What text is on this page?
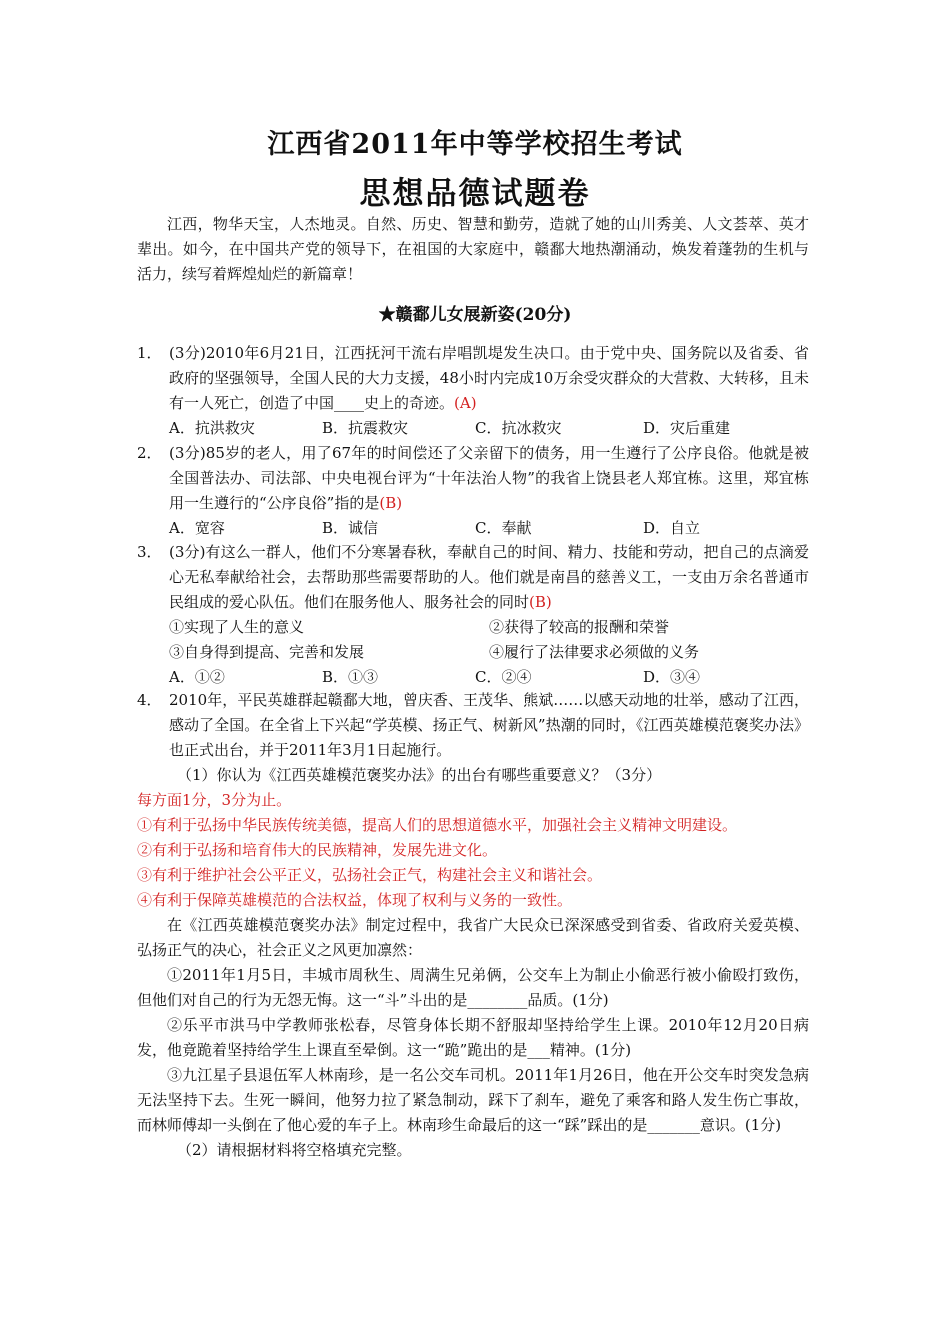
江西省2011年中等学校招生考试
思想品德试题卷
江西，物华天宝，人杰地灵。自然、历史、智慧和勤劳，造就了她的山川秀美、人文荟萃、英才辈出。如今，在中国共产党的领导下，在祖国的大家庭中，赣鄱大地热潮涌动，焕发着蓬勃的生机与活力，续写着辉煌灿烂的新篇章！
★赣鄱儿女展新姿(20分)
1． (3分)2010年6月21日，江西抚河干流右岸唱凯堤发生决口。由于党中央、国务院以及省委、省政府的坚强领导，全国人民的大力支援，48小时内完成10万余受灾群众的大营救、大转移，且未有一人死亡，创造了中国____史上的奇迹。(A)
A．抗洪救灾	B．抗震救灾	C．抗冰救灾	D．灾后重建
2． (3分)85岁的老人，用了67年的时间偿还了父亲留下的债务，用一生遵行了公序良俗。他就是被全国普法办、司法部、中央电视台评为“十年法治人物”的我省上饶县老人郑宜栋。这里，郑宜栋用一生遵行的“公序良俗”指的是(B)
A．宽容	B．诚信	C．奉献	D．自立
3． (3分)有这么一群人，他们不分寒暑春秋，奉献自己的时间、精力、技能和劳动，把自己的点滴爱心无私奉献给社会，去帮助那些需要帮助的人。他们就是南昌的慈善义工，一支由万余名普通市民组成的爱心队伍。他们在服务他人、服务社会的同时(B)
①实现了人生的意义	②获得了较高的报酬和荣誉
③自身得到提高、完善和发展	④履行了法律要求必须做的义务
A．①②	B．①③	C．②④	D．③④
4． 2010年，平民英雄群起赣鄱大地，曾庆香、王茂华、熊斌……以感天动地的壮举，感动了江西，感动了全国。在全省上下兴起“学英模、扬正气、树新风”热潮的同时，《江西英雄模范褒奖办法》也正式出台，并于2011年3月1日起施行。
（1）你认为《江西英雄模范褒奖办法》的出台有哪些重要意义？（3分）
每方面1分，3分为止。
①有利于弘扬中华民族传统美德，提高人们的思想道德水平，加强社会主义精神文明建设。
②有利于弘扬和培育伟大的民族精神，发展先进文化。
③有利于维护社会公平正义，弘扬社会正气，构建社会主义和谐社会。
④有利于保障英雄模范的合法权益，体现了权利与义务的一致性。
在《江西英雄模范褒奖办法》制定过程中，我省广大民众已深深感受到省委、省政府关爱英模、弘扬正气的决心，社会正义之风更加凛然：
①2011年1月5日，丰城市周秋生、周满生兄弟俩，公交车上为制止小偷恶行被小偷殴打致伤，但他们对自己的行为无怨无悔。这一“斗”斗出的是________品质。(1分)
②乐平市洪马中学教师张松春，尽管身体长期不舒服却坚持给学生上课。2010年12月20日病发，他竟跪着坚持给学生上课直至晕倒。这一“跪”跪出的是___精神。(1分)
③九江星子县退伍军人林南珍，是一名公交车司机。2011年1月26日，他在开公交车时突发急病无法坚持下去。生死一瞬间，他努力拉了紧急制动，踩下了刹车，避免了乘客和路人发生伤亡事故，而林师傅却一头倒在了他心爱的车子上。林南珍生命最后的这一“踩”踩出的是_______意识。(1分)
（2）请根据材料将空格填充完整。
